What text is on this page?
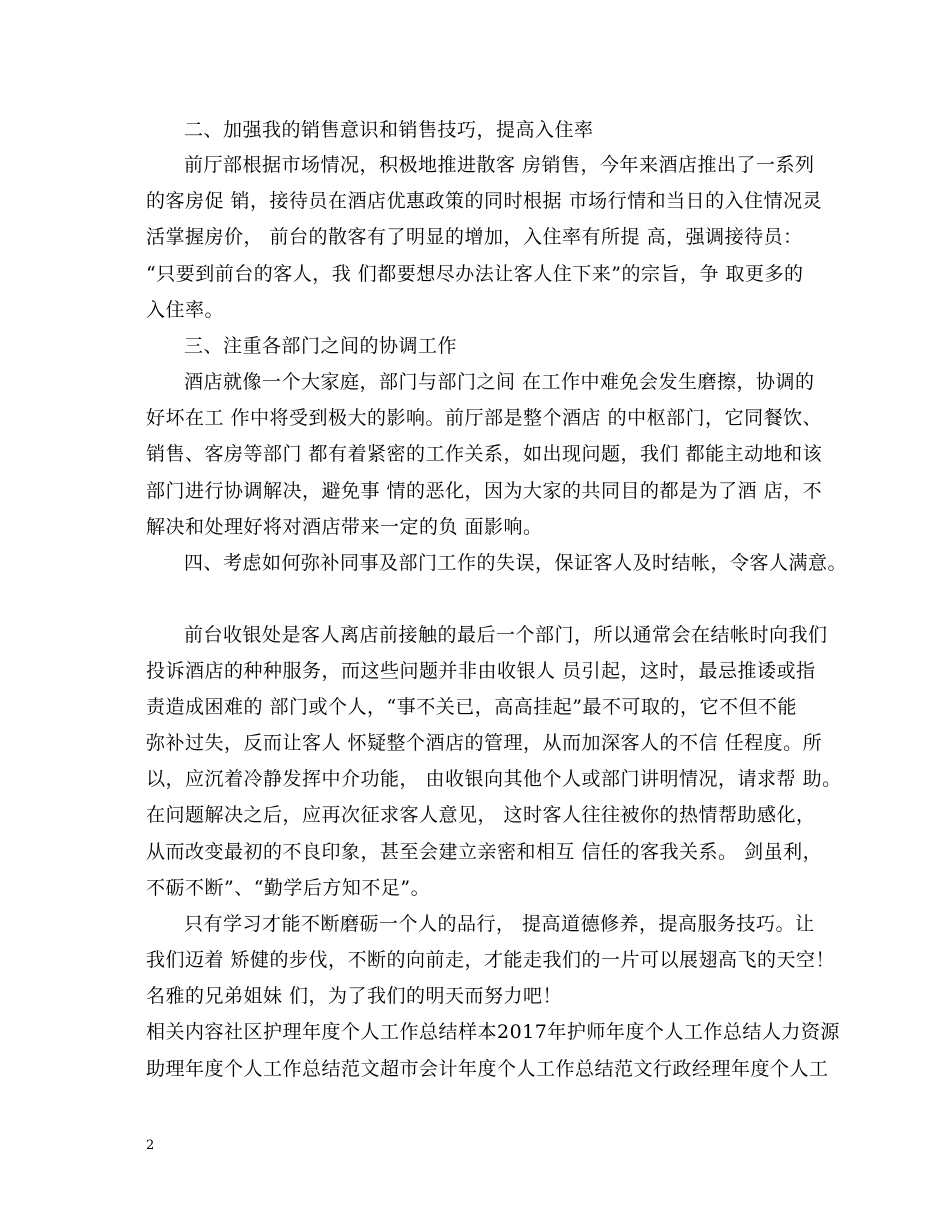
二、加强我的销售意识和销售技巧，提高入住率
前厅部根据市场情况，积极地推进散客 房销售，今年来酒店推出了一系列
的客房促 销，接待员在酒店优惠政策的同时根据 市场行情和当日的入住情况灵
活掌握房价， 前台的散客有了明显的增加，入住率有所提 高，强调接待员：
“只要到前台的客人，我 们都要想尽办法让客人住下来”的宗旨，争 取更多的
入住率。
三、注重各部门之间的协调工作
酒店就像一个大家庭，部门与部门之间 在工作中难免会发生磨擦，协调的
好坏在工 作中将受到极大的影响。前厅部是整个酒店 的中枢部门，它同餐饮、
销售、客房等部门 都有着紧密的工作关系，如出现问题，我们 都能主动地和该
部门进行协调解决，避免事 情的恶化，因为大家的共同目的都是为了酒 店，不
解决和处理好将对酒店带来一定的负 面影响。
四、考虑如何弥补同事及部门工作的失误，保证客人及时结帐，令客人满意。
前台收银处是客人离店前接触的最后一个部门，所以通常会在结帐时向我们
投诉酒店的种种服务，而这些问题并非由收银人 员引起，这时，最忌推诿或指
责造成困难的 部门或个人，“事不关已，高高挂起”最不可取的，它不但不能
弥补过失，反而让客人 怀疑整个酒店的管理，从而加深客人的不信 任程度。所
以，应沉着冷静发挥中介功能， 由收银向其他个人或部门讲明情况，请求帮 助。
在问题解决之后，应再次征求客人意见， 这时客人往往被你的热情帮助感化，
从而改变最初的不良印象，甚至会建立亲密和相互 信任的客我关系。 剑虽利，
不砺不断”、“勤学后方知不足”。
只有学习才能不断磨砺一个人的品行， 提高道德修养，提高服务技巧。让
我们迈着 矫健的步伐，不断的向前走，才能走我们的一片可以展翅高飞的天空！
名雅的兄弟姐妹 们，为了我们的明天而努力吧！
相关内容社区护理年度个人工作总结样本2017年护师年度个人工作总结人力资源
助理年度个人工作总结范文超市会计年度个人工作总结范文行政经理年度个人工
2
